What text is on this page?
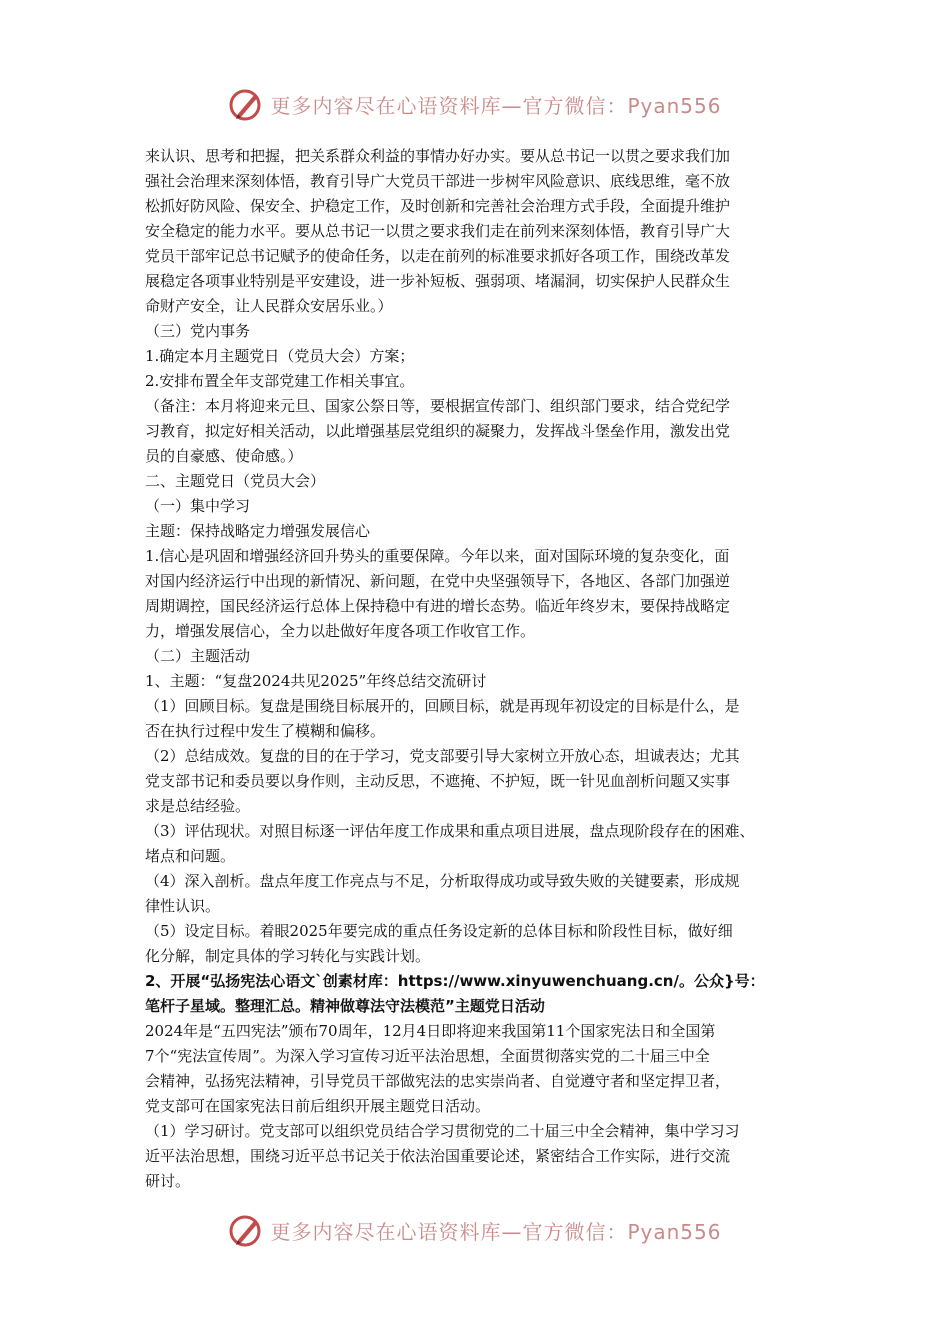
更多内容尽在心语资料库—官方微信：Pyan556
来认识、思考和把握，把关系群众利益的事情办好办实。要从总书记一以贯之要求我们加
强社会治理来深刻体悟，教育引导广大党员干部进一步树牢风险意识、底线思维，毫不放
松抓好防风险、保安全、护稳定工作，及时创新和完善社会治理方式手段，全面提升维护
安全稳定的能力水平。要从总书记一以贯之要求我们走在前列来深刻体悟，教育引导广大
党员干部牢记总书记赋予的使命任务，以走在前列的标准要求抓好各项工作，围绕改革发
展稳定各项事业特别是平安建设，进一步补短板、强弱项、堵漏洞，切实保护人民群众生
命财产安全，让人民群众安居乐业。）
（三）党内事务
1.确定本月主题党日（党员大会）方案；
2.安排布置全年支部党建工作相关事宜。
（备注：本月将迎来元旦、国家公祭日等，要根据宣传部门、组织部门要求，结合党纪学
习教育，拟定好相关活动，以此增强基层党组织的凝聚力，发挥战斗堡垒作用，激发出党
员的自豪感、使命感。）
二、主题党日（党员大会）
（一）集中学习
主题：保持战略定力增强发展信心
1.信心是巩固和增强经济回升势头的重要保障。今年以来，面对国际环境的复杂变化，面
对国内经济运行中出现的新情况、新问题，在党中央坚强领导下，各地区、各部门加强逆
周期调控，国民经济运行总体上保持稳中有进的增长态势。临近年终岁末，要保持战略定
力，增强发展信心，全力以赴做好年度各项工作收官工作。
（二）主题活动
1、主题：“复盘2024共见2025”年终总结交流研讨
（1）回顾目标。复盘是围绕目标展开的，回顾目标，就是再现年初设定的目标是什么，是
否在执行过程中发生了模糊和偏移。
（2）总结成效。复盘的目的在于学习，党支部要引导大家树立开放心态，坦诚表达；尤其
党支部书记和委员要以身作则，主动反思，不遮掩、不护短，既一针见血剖析问题又实事
求是总结经验。
（3）评估现状。对照目标逐一评估年度工作成果和重点项目进展，盘点现阶段存在的困难、
堵点和问题。
（4）深入剖析。盘点年度工作亮点与不足，分析取得成功或导致失败的关键要素，形成规
律性认识。
（5）设定目标。着眼2025年要完成的重点任务设定新的总体目标和阶段性目标，做好细
化分解，制定具体的学习转化与实践计划。
2、开展“弘扬宪法心语文`创素材库：https://www.xinyuwenchuang.cn/。公众}号：
笔杆子星域。整理汇总。精神做尊法守法模范”主题党日活动
2024年是“五四宪法”颁布70周年，12月4日即将迎来我国第11个国家宪法日和全国第
7个“宪法宣传周”。为深入学习宣传习近平法治思想，全面贯彻落实党的二十届三中全
会精神，弘扬宪法精神，引导党员干部做宪法的忠实崇尚者、自觉遵守者和坚定捍卫者，
党支部可在国家宪法日前后组织开展主题党日活动。
（1）学习研讨。党支部可以组织党员结合学习贯彻党的二十届三中全会精神，集中学习习
近平法治思想，围绕习近平总书记关于依法治国重要论述，紧密结合工作实际，进行交流
研讨。
更多内容尽在心语资料库—官方微信：Pyan556
